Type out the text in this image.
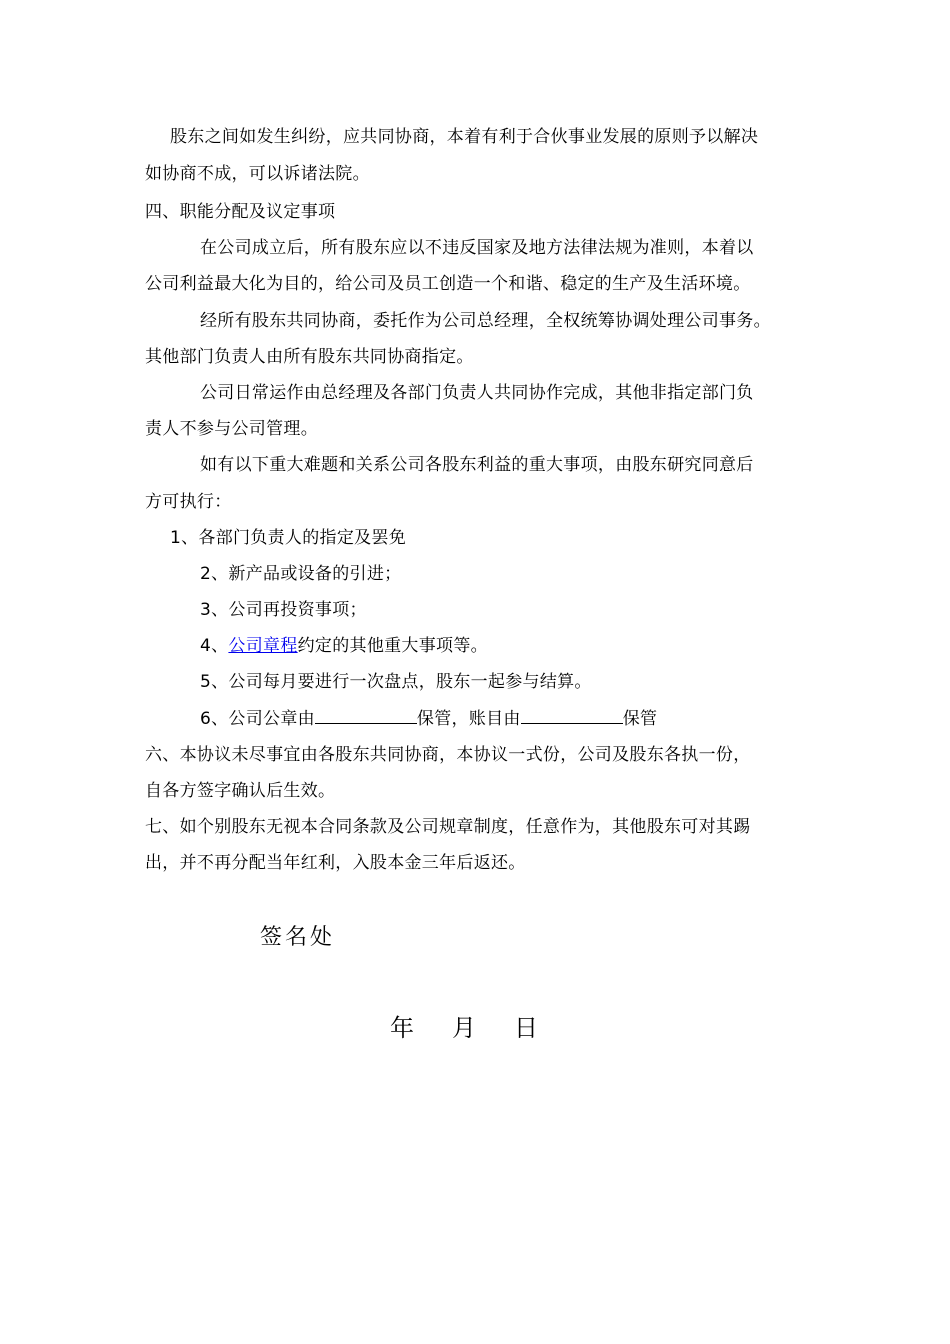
股东之间如发生纠纷，应共同协商，本着有利于合伙事业发展的原则予以解决
如协商不成，可以诉诸法院。
四、职能分配及议定事项
在公司成立后，所有股东应以不违反国家及地方法律法规为准则，本着以
公司利益最大化为目的，给公司及员工创造一个和谐、稳定的生产及生活环境。
经所有股东共同协商，委托作为公司总经理，全权统筹协调处理公司事务。
其他部门负责人由所有股东共同协商指定。
公司日常运作由总经理及各部门负责人共同协作完成，其他非指定部门负
责人不参与公司管理。
如有以下重大难题和关系公司各股东利益的重大事项，由股东研究同意后
方可执行：
1、各部门负责人的指定及罢免
2、新产品或设备的引进；
3、公司再投资事项；
4、公司章程约定的其他重大事项等。
5、公司每月要进行一次盘点，股东一起参与结算。
6、公司公章由	保管，账目由	保管
六、本协议未尽事宜由各股东共同协商，本协议一式份，公司及股东各执一份，
自各方签字确认后生效。
七、如个别股东无视本合同条款及公司规章制度，任意作为，其他股东可对其踢
出，并不再分配当年红利，入股本金三年后返还。
签名处
年 月 日
